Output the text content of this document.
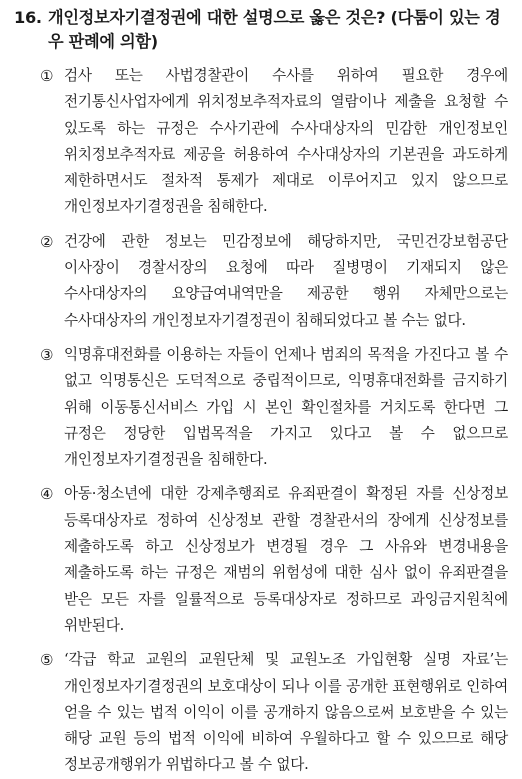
16. 개인정보자기결정권에 대한 설명으로 옳은 것은? (다툼이 있는 경우 판례에 의함)
① 검사 또는 사법경찰관이 수사를 위하여 필요한 경우에 전기통신사업자에게 위치정보추적자료의 열람이나 제출을 요청할 수 있도록 하는 규정은 수사기관에 수사대상자의 민감한 개인정보인 위치정보추적자료 제공을 허용하여 수사대상자의 기본권을 과도하게 제한하면서도 절차적 통제가 제대로 이루어지고 있지 않으므로 개인정보자기결정권을 침해한다.
② 건강에 관한 정보는 민감정보에 해당하지만, 국민건강보험공단 이사장이 경찰서장의 요청에 따라 질병명이 기재되지 않은 수사대상자의 요양급여내역만을 제공한 행위 자체만으로는 수사대상자의 개인정보자기결정권이 침해되었다고 볼 수는 없다.
③ 익명휴대전화를 이용하는 자들이 언제나 범죄의 목적을 가진다고 볼 수 없고 익명통신은 도덕적으로 중립적이므로, 익명휴대전화를 금지하기 위해 이동통신서비스 가입 시 본인 확인절차를 거치도록 한다면 그 규정은 정당한 입법목적을 가지고 있다고 볼 수 없으므로 개인정보자기결정권을 침해한다.
④ 아동·청소년에 대한 강제추행죄로 유죄판결이 확정된 자를 신상정보 등록대상자로 정하여 신상정보 관할 경찰관서의 장에게 신상정보를 제출하도록 하고 신상정보가 변경될 경우 그 사유와 변경내용을 제출하도록 하는 규정은 재범의 위험성에 대한 심사 없이 유죄판결을 받은 모든 자를 일률적으로 등록대상자로 정하므로 과잉금지원칙에 위반된다.
⑤ ‘각급 학교 교원의 교원단체 및 교원노조 가입현황 실명 자료’는 개인정보자기결정권의 보호대상이 되나 이를 공개한 표현행위로 인하여 얻을 수 있는 법적 이익이 이를 공개하지 않음으로써 보호받을 수 있는 해당 교원 등의 법적 이익에 비하여 우월하다고 할 수 있으므로 해당 정보공개행위가 위법하다고 볼 수 없다.
